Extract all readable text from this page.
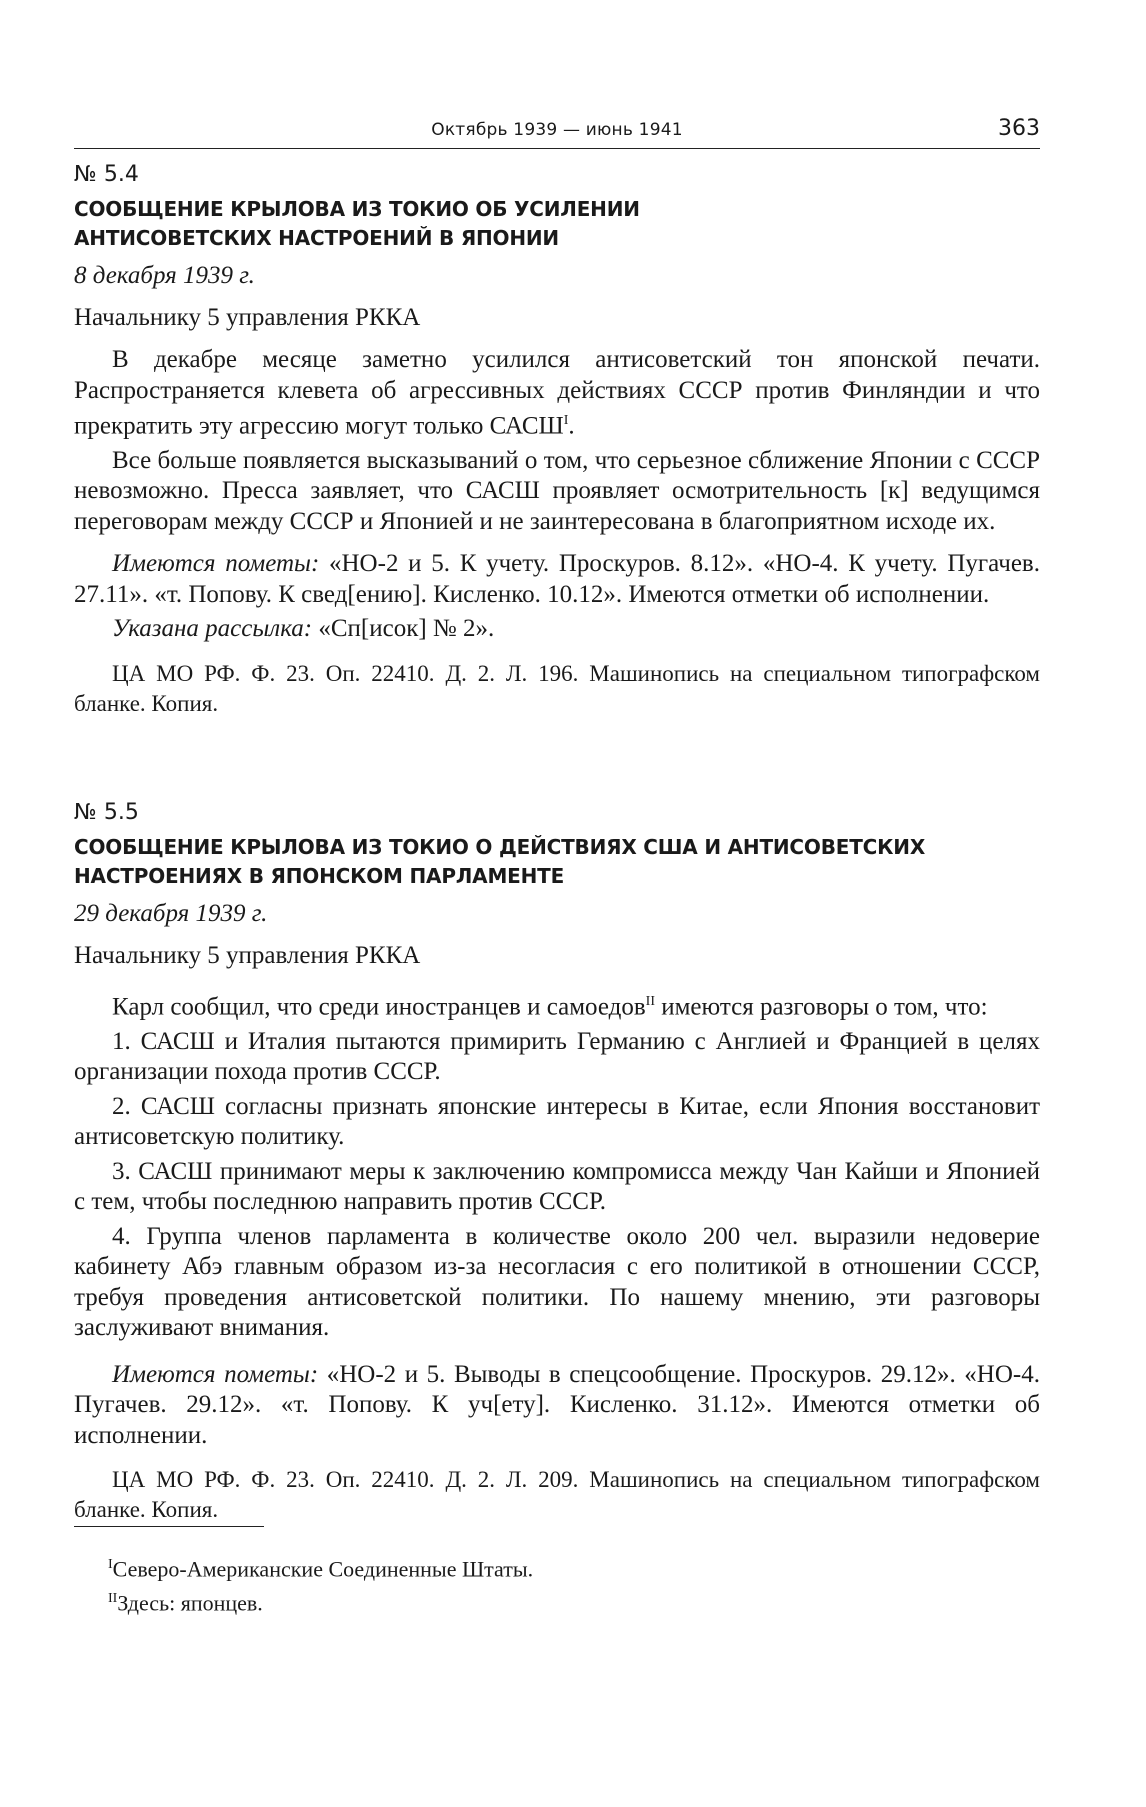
Октябрь 1939 — июнь 1941	363
№ 5.4
СООБЩЕНИЕ КРЫЛОВА ИЗ ТОКИО ОБ УСИЛЕНИИ
АНТИСОВЕТСКИХ НАСТРОЕНИЙ В ЯПОНИИ
8 декабря 1939 г.
Начальнику 5 управления РККА

В декабре месяце заметно усилился антисоветский тон японской печати. Распространяется клевета об агрессивных действиях СССР против Финляндии и что прекратить эту агрессию могут только $САСШ^I$.

Все больше появляется высказываний о том, что серьезное сближение Японии с СССР невозможно. Пресса заявляет, что САСШ проявляет осмотрительность [к] ведущимся переговорам между СССР и Японией и не заинтересована в благоприятном исходе их.

Имеются пометы: «НО-2 и 5. К учету. Проскуров. 8.12». «НО-4. К учету. Пугачев. 27.11». «т. Попову. К свед[ению]. Кисленко. 10.12». Имеются отметки об исполнении.

Указана рассылка: «Сп[исок] № 2».

ЦА МО РФ. Ф. 23. Оп. 22410. Д. 2. Л. 196. Машинопись на специальном типографском бланке. Копия.

№ 5.5
СООБЩЕНИЕ КРЫЛОВА ИЗ ТОКИО О ДЕЙСТВИЯХ США И АНТИСОВЕТСКИХ
НАСТРОЕНИЯХ В ЯПОНСКОМ ПАРЛАМЕНТЕ
29 декабря 1939 г.
Начальнику 5 управления РККА

Карл сообщил, что среди иностранцев и самоедов$^{II}$ имеются разговоры о том, что:

1. САСШ и Италия пытаются примирить Германию с Англией и Францией в целях организации похода против СССР.

2. САСШ согласны признать японские интересы в Китае, если Япония восстановит антисоветскую политику.

3. САСШ принимают меры к заключению компромисса между Чан Кайши и Японией с тем, чтобы последнюю направить против СССР.

4. Группа членов парламента в количестве около 200 чел. выразили недоверие кабинету Абэ главным образом из-за несогласия с его политикой в отношении СССР, требуя проведения антисоветской политики. По нашему мнению, эти разговоры заслуживают внимания.

Имеются пометы: «НО-2 и 5. Выводы в спецсообщение. Проскуров. 29.12». «НО-4. Пугачев. 29.12». «т. Попову. К уч[ету]. Кисленко. 31.12». Имеются отметки об исполнении.

ЦА МО РФ. Ф. 23. Оп. 22410. Д. 2. Л. 209. Машинопись на специальном типографском бланке. Копия.

$^I$Северо-Американские Соединенные Штаты.
$^{II}$Здесь: японцев.
